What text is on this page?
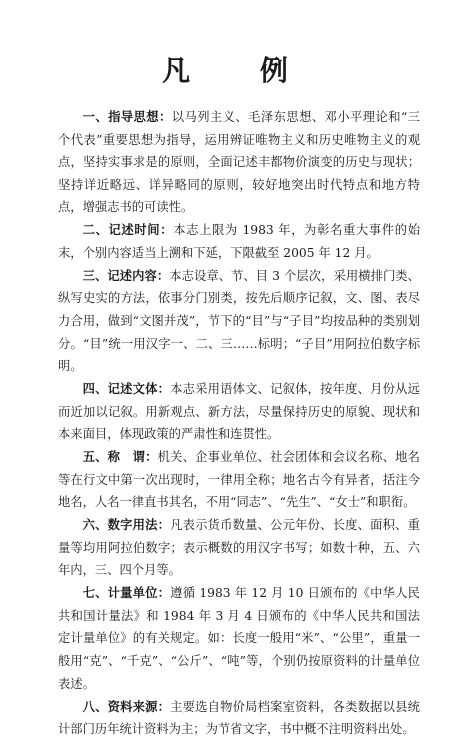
凡 例

一、指导思想：以马列主义、毛泽东思想、邓小平理论和“三个代表”重要思想为指导，运用辨证唯物主义和历史唯物主义的观点，坚持实事求是的原则，全面记述丰都物价演变的历史与现状；坚持详近略远、详异略同的原则，较好地突出时代特点和地方特点，增强志书的可读性。

二、记述时间：本志上限为 1983 年，为彰名重大事件的始末，个别内容适当上溯和下延，下限截至 2005 年 12 月。

三、记述内容：本志设章、节、目 3 个层次，采用横排门类、纵写史实的方法，依事分门别类，按先后顺序记叙，文、图、表尽力合用，做到“文图并茂”，节下的“目”与“子目”均按品种的类别划分。“目”统一用汉字一、二、三……标明；“子目”用阿拉伯数字标明。

四、记述文体：本志采用语体文、记叙体，按年度、月份从远而近加以记叙。用新观点、新方法，尽量保持历史的原貌、现状和本来面目，体现政策的严肃性和连贯性。

五、称　谓：机关、企事业单位、社会团体和会议名称、地名等在行文中第一次出现时，一律用全称；地名古今有异者，括注今地名，人名一律直书其名，不用“同志”、“先生”、“女士”和职衔。

六、数字用法：凡表示货币数量、公元年份、长度、面积、重量等均用阿拉伯数字；表示概数的用汉字书写；如数十种，五、六年内，三、四个月等。

七、计量单位：遵循 1983 年 12 月 10 日颁布的《中华人民共和国计量法》和 1984 年 3 月 4 日颁布的《中华人民共和国法定计量单位》的有关规定。如：长度一般用“米”、“公里”，重量一般用“克”、“千克”、“公斤”、“吨”等，个别仍按原资料的计量单位表述。

八、资料来源：主要选自物价局档案室资料，各类数据以县统计部门历年统计资料为主；为节省文字，书中概不注明资料出处。
